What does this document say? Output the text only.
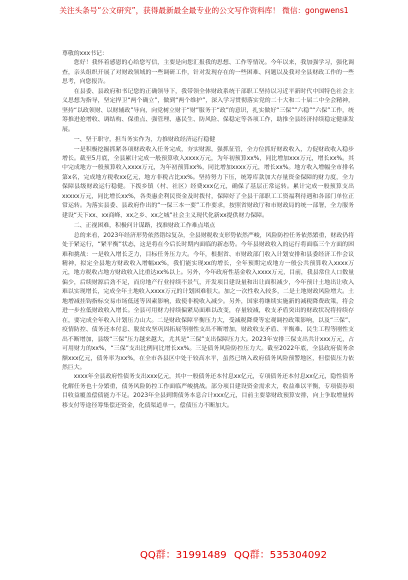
关注头条号“公文研究”，获得最新最全最专业的公文写作资料库！ 微信：gongwens1

尊敬的xxx书记：

您好！我怀着感恩的心给您写信，主要是向您汇报我的思想、工作等情况。今年以来，我加强学习，强化调查，亲头组织开展了对财政领域的一些调研工作，针对发现存在的一些困难、问题以及我对全县财政工作的一些思考，向您报告。

在县委、县政府和书记您的正确领导下，我带领全体财政系统干部职工坚持以习近平新时代中国特色社会主义思想为指导，坚定捍卫“两个确立”，做到“两个维护”，深入学习贯彻落实党的二十大和二十届二中全会精神，坚持“以政领财、以财辅政”导向，向党树立财于“财”服务于“政”的意识，扎实做好“三保”“六稳”“六保”工作，统筹推进抢增收、调结构、保重点、强管理、惠民生、防风险、保稳定等各项工作，助推全县经济持续稳定健康发展。

一、坚于职守，担当务实作为，力推财政经济运行稳健

一是积极挖掘抓紧各项财政收入任务完成，夯实财源，强抓征管，全方位抓好财政收入，力促财政收入稳步增长。截至5月底，全县累计完成一般预算收入xxxx万元，为年初预算xx%，同比增加xxx万元，增长xx%。其中完成地方一般预算收入xxxx万元，为年初预算xx%，同比增加xxxx万元，增长xx%。地方收入增幅全市排名第x名，完成地方税收xx亿元，地方非税占比xx%。坚持努力下压，统筹库款加大存量资金保障的财力度，全力保障县级财政运行稳健。下拨乡镇（村、社区）经费xxx亿元，确保了基层正常运转。累计完成一般预算支出xxxxx万元，同比增长xx%，各类惠企利民资金及时拨付，保障好了全县干部职工工资福利待遇和各部门单位正常运转。为落实县委、县政府作出的“一保三本一要”工作要求，按照省财政厅和市财政局的统一部署，全力服务建设“天下xx、xx商峰、xx之乡、xx之城”社会主义现代化新xx提供财力保障。

二、正视困难，积极问计谋路，找准财政工作难点堵点

总的来看，2023年经济形势依然错综复杂，全县财税收支形势依然严峻，风险防控任务依然繁重，财政仍将处于紧运行，“紧平衡”状态，这是将在今后长时期内面临的新态势。今年县财政收入的运行将面临三个方面的困难和挑战：一是收入增长乏力，目标任务压力大。今年，根据省、市财政部门收入计划安排和县委经济工作会议精神，拟定全县地方财政收入增幅xx%，我们能实现xx的增长，全年预期完成地方一般公共预算收入xxxx万元，地方税收占地方财政收入比重达xx%以上。另外，今年政府性基金收入xxxx万元，目前，我县常住人口数量偏少，后续财源后劲不足，而房地产行业持续不景气，开发项目建设量和出让面积减少，今年预计土地出让收入难以实现增长，完成全年土地收入xxxx万元的计划困难很大。加之一次性收入较多，二是土地财政风险增大。土地增减挂钩指标交易市场低迷等因素影响，致使非税收入减少。另外，国家将继续实施新的减税降费政策，将会进一步拉低财政收入增长。全县可用财力持续偏紧局面难以改变，存量较减，收支矛盾突出的财政状况将持续存在，要完成全年收入计划压力山大。二是财政保障平衡压力大，受减税降费等宏观调控政策影响，以及“三保”、疫情防控、债务还本付息、脱贫攻坚巩固拓展等刚性支出不断增加，财政收支矛盾、平衡难、民生工程等刚性支出不断增加，县级“三保”压力越来越大，尤其是“三保”支出保障压力大。2023年安排三保支出共计xxx万元，占可用财力的xx%，“三保”支出比例同比增长xx%。三是债务风险防控压力大。截至2022年底，全县政府债务余额xxx亿元，债务率为xx%，在全市各县区中处于较高水平，虽然已纳入政府债务风险预警地区，但偿债压力依然巨大。

xxxx年全县政府性债务支出xxx亿元，其中一般债务还本付息xx亿元，专项债务还本付息xx亿元，隐性债务化解任务也十分繁重，债务风险防控工作面临严峻挑战。部分项目建设资金需求大，收益难以平衡，专项债券项目收益覆盖偿债能力不足。2023年全县到期债务本息合计xxx亿元，目前主要靠财政预算安排，向上争取增量转移支付等途径筹集偿还资金，化债渠道单一，偿债压力不断加大。

QQ群：31991489 QQ群：535304092
